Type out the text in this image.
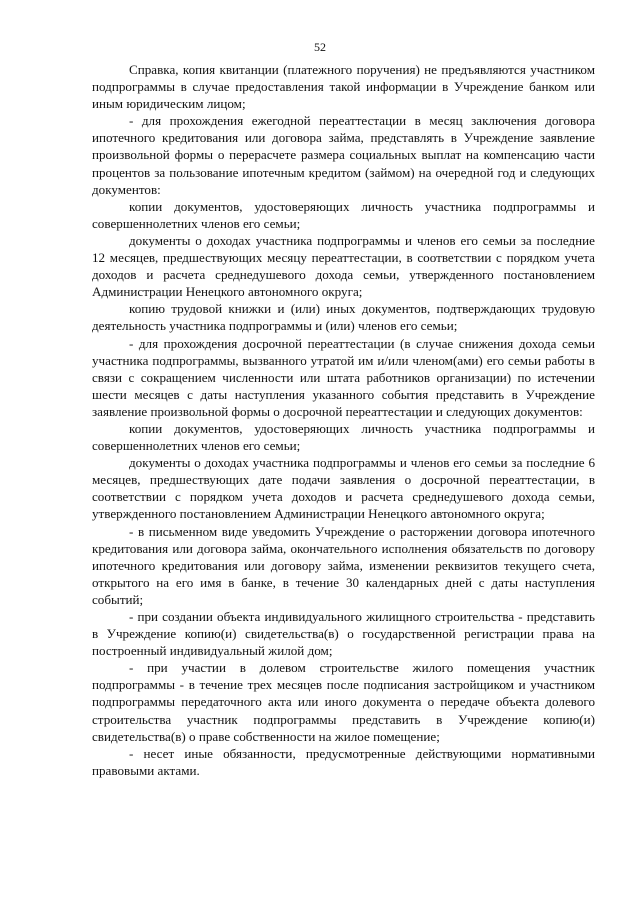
52

Справка, копия квитанции (платежного поручения) не предъявляются участником подпрограммы в случае предоставления такой информации в Учреждение банком или иным юридическим лицом;

- для прохождения ежегодной переаттестации в месяц заключения договора ипотечного кредитования или договора займа, представлять в Учреждение заявление произвольной формы о перерасчете размера социальных выплат на компенсацию части процентов за пользование ипотечным кредитом (займом) на очередной год и следующих документов:

копии документов, удостоверяющих личность участника подпрограммы и совершеннолетних членов его семьи;

документы о доходах участника подпрограммы и членов его семьи за последние 12 месяцев, предшествующих месяцу переаттестации, в соответствии с порядком учета доходов и расчета среднедушевого дохода семьи, утвержденного постановлением Администрации Ненецкого автономного округа;

копию трудовой книжки и (или) иных документов, подтверждающих трудовую деятельность участника подпрограммы и (или) членов его семьи;

- для прохождения досрочной переаттестации (в случае снижения дохода семьи участника подпрограммы, вызванного утратой им и/или членом(ами) его семьи работы в связи с сокращением численности или штата работников организации) по истечении шести месяцев с даты наступления указанного события представить в Учреждение заявление произвольной формы о досрочной переаттестации и следующих документов:

копии документов, удостоверяющих личность участника подпрограммы и совершеннолетних членов его семьи;

документы о доходах участника подпрограммы и членов его семьи за последние 6 месяцев, предшествующих дате подачи заявления о досрочной переаттестации, в соответствии с порядком учета доходов и расчета среднедушевого дохода семьи, утвержденного постановлением Администрации Ненецкого автономного округа;

- в письменном виде уведомить Учреждение о расторжении договора ипотечного кредитования или договора займа, окончательного исполнения обязательств по договору ипотечного кредитования или договору займа, изменении реквизитов текущего счета, открытого на его имя в банке, в течение 30 календарных дней с даты наступления событий;

- при создании объекта индивидуального жилищного строительства - представить в Учреждение копию(и) свидетельства(в) о государственной регистрации права на построенный индивидуальный жилой дом;

- при участии в долевом строительстве жилого помещения участник подпрограммы - в течение трех месяцев после подписания застройщиком и участником подпрограммы передаточного акта или иного документа о передаче объекта долевого строительства участник подпрограммы представить в Учреждение копию(и) свидетельства(в) о праве собственности на жилое помещение;

- несет иные обязанности, предусмотренные действующими нормативными правовыми актами.
